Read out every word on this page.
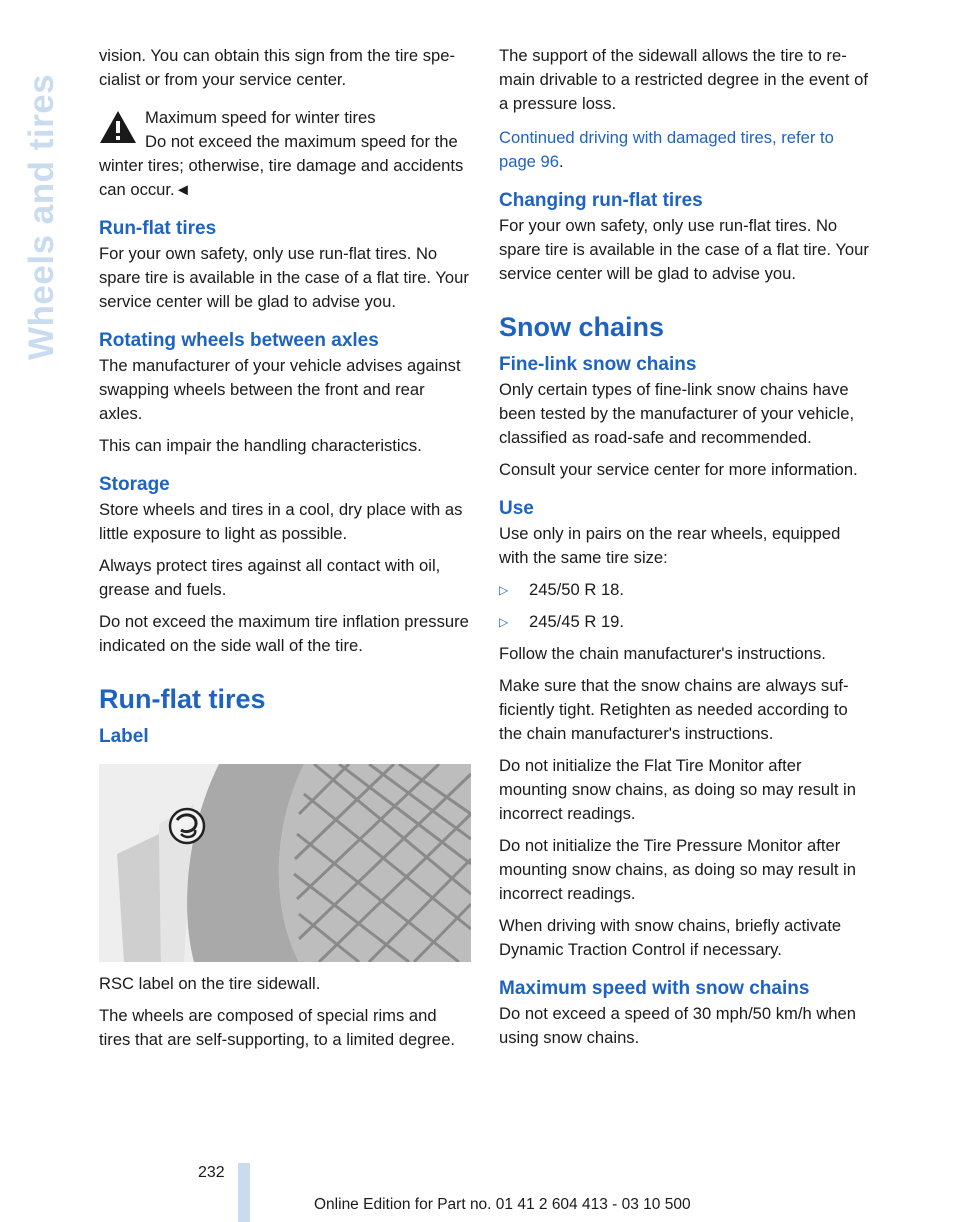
Wheels and tires

vision. You can obtain this sign from the tire specialist or from your service center.

Maximum speed for winter tires

Do not exceed the maximum speed for the winter tires; otherwise, tire damage and accidents can occur.◄

Run-flat tires

For your own safety, only use run-flat tires. No spare tire is available in the case of a flat tire. Your service center will be glad to advise you.

Rotating wheels between axles

The manufacturer of your vehicle advises against swapping wheels between the front and rear axles.

This can impair the handling characteristics.

Storage

Store wheels and tires in a cool, dry place with as little exposure to light as possible.

Always protect tires against all contact with oil, grease and fuels.

Do not exceed the maximum tire inflation pressure indicated on the side wall of the tire.

Run-flat tires
Label

RSC label on the tire sidewall.

The wheels are composed of special rims and tires that are self-supporting, to a limited degree.

The support of the sidewall allows the tire to remain drivable to a restricted degree in the event of a pressure loss.

Continued driving with damaged tires, refer to page 96.

Changing run-flat tires

For your own safety, only use run-flat tires. No spare tire is available in the case of a flat tire. Your service center will be glad to advise you.

Snow chains
Fine-link snow chains

Only certain types of fine-link snow chains have been tested by the manufacturer of your vehicle, classified as road-safe and recommended.

Consult your service center for more information.

Use

Use only in pairs on the rear wheels, equipped with the same tire size:

▷ 245/50 R 18.
▷ 245/45 R 19.

Follow the chain manufacturer's instructions.

Make sure that the snow chains are always sufficiently tight. Retighten as needed according to the chain manufacturer's instructions.

Do not initialize the Flat Tire Monitor after mounting snow chains, as doing so may result in incorrect readings.

Do not initialize the Tire Pressure Monitor after mounting snow chains, as doing so may result in incorrect readings.

When driving with snow chains, briefly activate Dynamic Traction Control if necessary.

Maximum speed with snow chains

Do not exceed a speed of 30 mph/50 km/h when using snow chains.

232
Online Edition for Part no. 01 41 2 604 413 - 03 10 500
